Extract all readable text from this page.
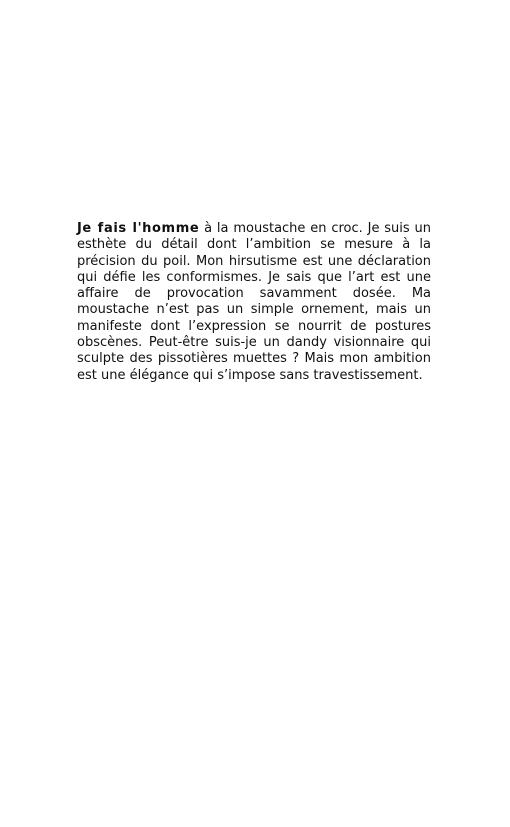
Je fais l'homme à la moustache en croc. Je suis un esthète du détail dont l’ambition se mesure à la précision du poil. Mon hirsutisme est une déclaration qui défie les conformismes. Je sais que l’art est une affaire de provocation savamment dosée. Ma moustache n’est pas un simple ornement, mais un manifeste dont l’expression se nourrit de postures obscènes. Peut-être suis-je un dandy visionnaire qui sculpte des pissotières muettes ? Mais mon ambition est une élégance qui s’impose sans travestissement.
